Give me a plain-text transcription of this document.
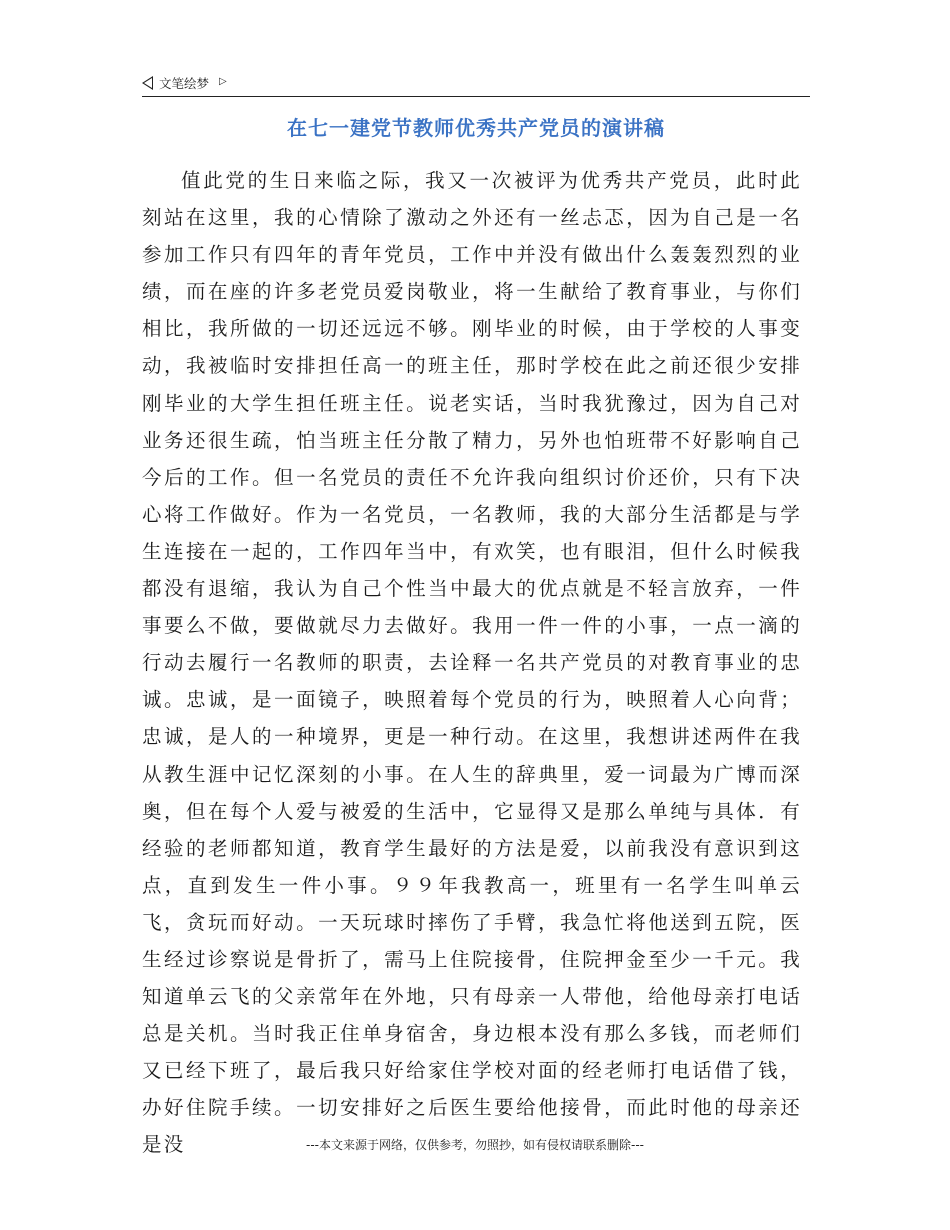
文笔绘梦 ▷
在七一建党节教师优秀共产党员的演讲稿

值此党的生日来临之际，我又一次被评为优秀共产党员，此时此刻站在这里，我的心情除了激动之外还有一丝忐忑，因为自己是一名参加工作只有四年的青年党员，工作中并没有做出什么轰轰烈烈的业绩，而在座的许多老党员爱岗敬业，将一生献给了教育事业，与你们相比，我所做的一切还远远不够。刚毕业的时候，由于学校的人事变动，我被临时安排担任高一的班主任，那时学校在此之前还很少安排刚毕业的大学生担任班主任。说老实话，当时我犹豫过，因为自己对业务还很生疏，怕当班主任分散了精力，另外也怕班带不好影响自己今后的工作。但一名党员的责任不允许我向组织讨价还价，只有下决心将工作做好。作为一名党员，一名教师，我的大部分生活都是与学生连接在一起的，工作四年当中，有欢笑，也有眼泪，但什么时候我都没有退缩，我认为自己个性当中最大的优点就是不轻言放弃，一件事要么不做，要做就尽力去做好。我用一件一件的小事，一点一滴的行动去履行一名教师的职责，去诠释一名共产党员的对教育事业的忠诚。忠诚，是一面镜子，映照着每个党员的行为，映照着人心向背；忠诚，是人的一种境界，更是一种行动。在这里，我想讲述两件在我从教生涯中记忆深刻的小事。在人生的辞典里，爱一词最为广博而深奥，但在每个人爱与被爱的生活中，它显得又是那么单纯与具体．有经验的老师都知道，教育学生最好的方法是爱，以前我没有意识到这点，直到发生一件小事。９９年我教高一，班里有一名学生叫单云飞，贪玩而好动。一天玩球时摔伤了手臂，我急忙将他送到五院，医生经过诊察说是骨折了，需马上住院接骨，住院押金至少一千元。我知道单云飞的父亲常年在外地，只有母亲一人带他，给他母亲打电话总是关机。当时我正住单身宿舍，身边根本没有那么多钱，而老师们又已经下班了，最后我只好给家住学校对面的经老师打电话借了钱，办好住院手续。一切安排好之后医生要给他接骨，而此时他的母亲还是没	---本文来源于网络，仅供参考，勿照抄，如有侵权请联系删除---
